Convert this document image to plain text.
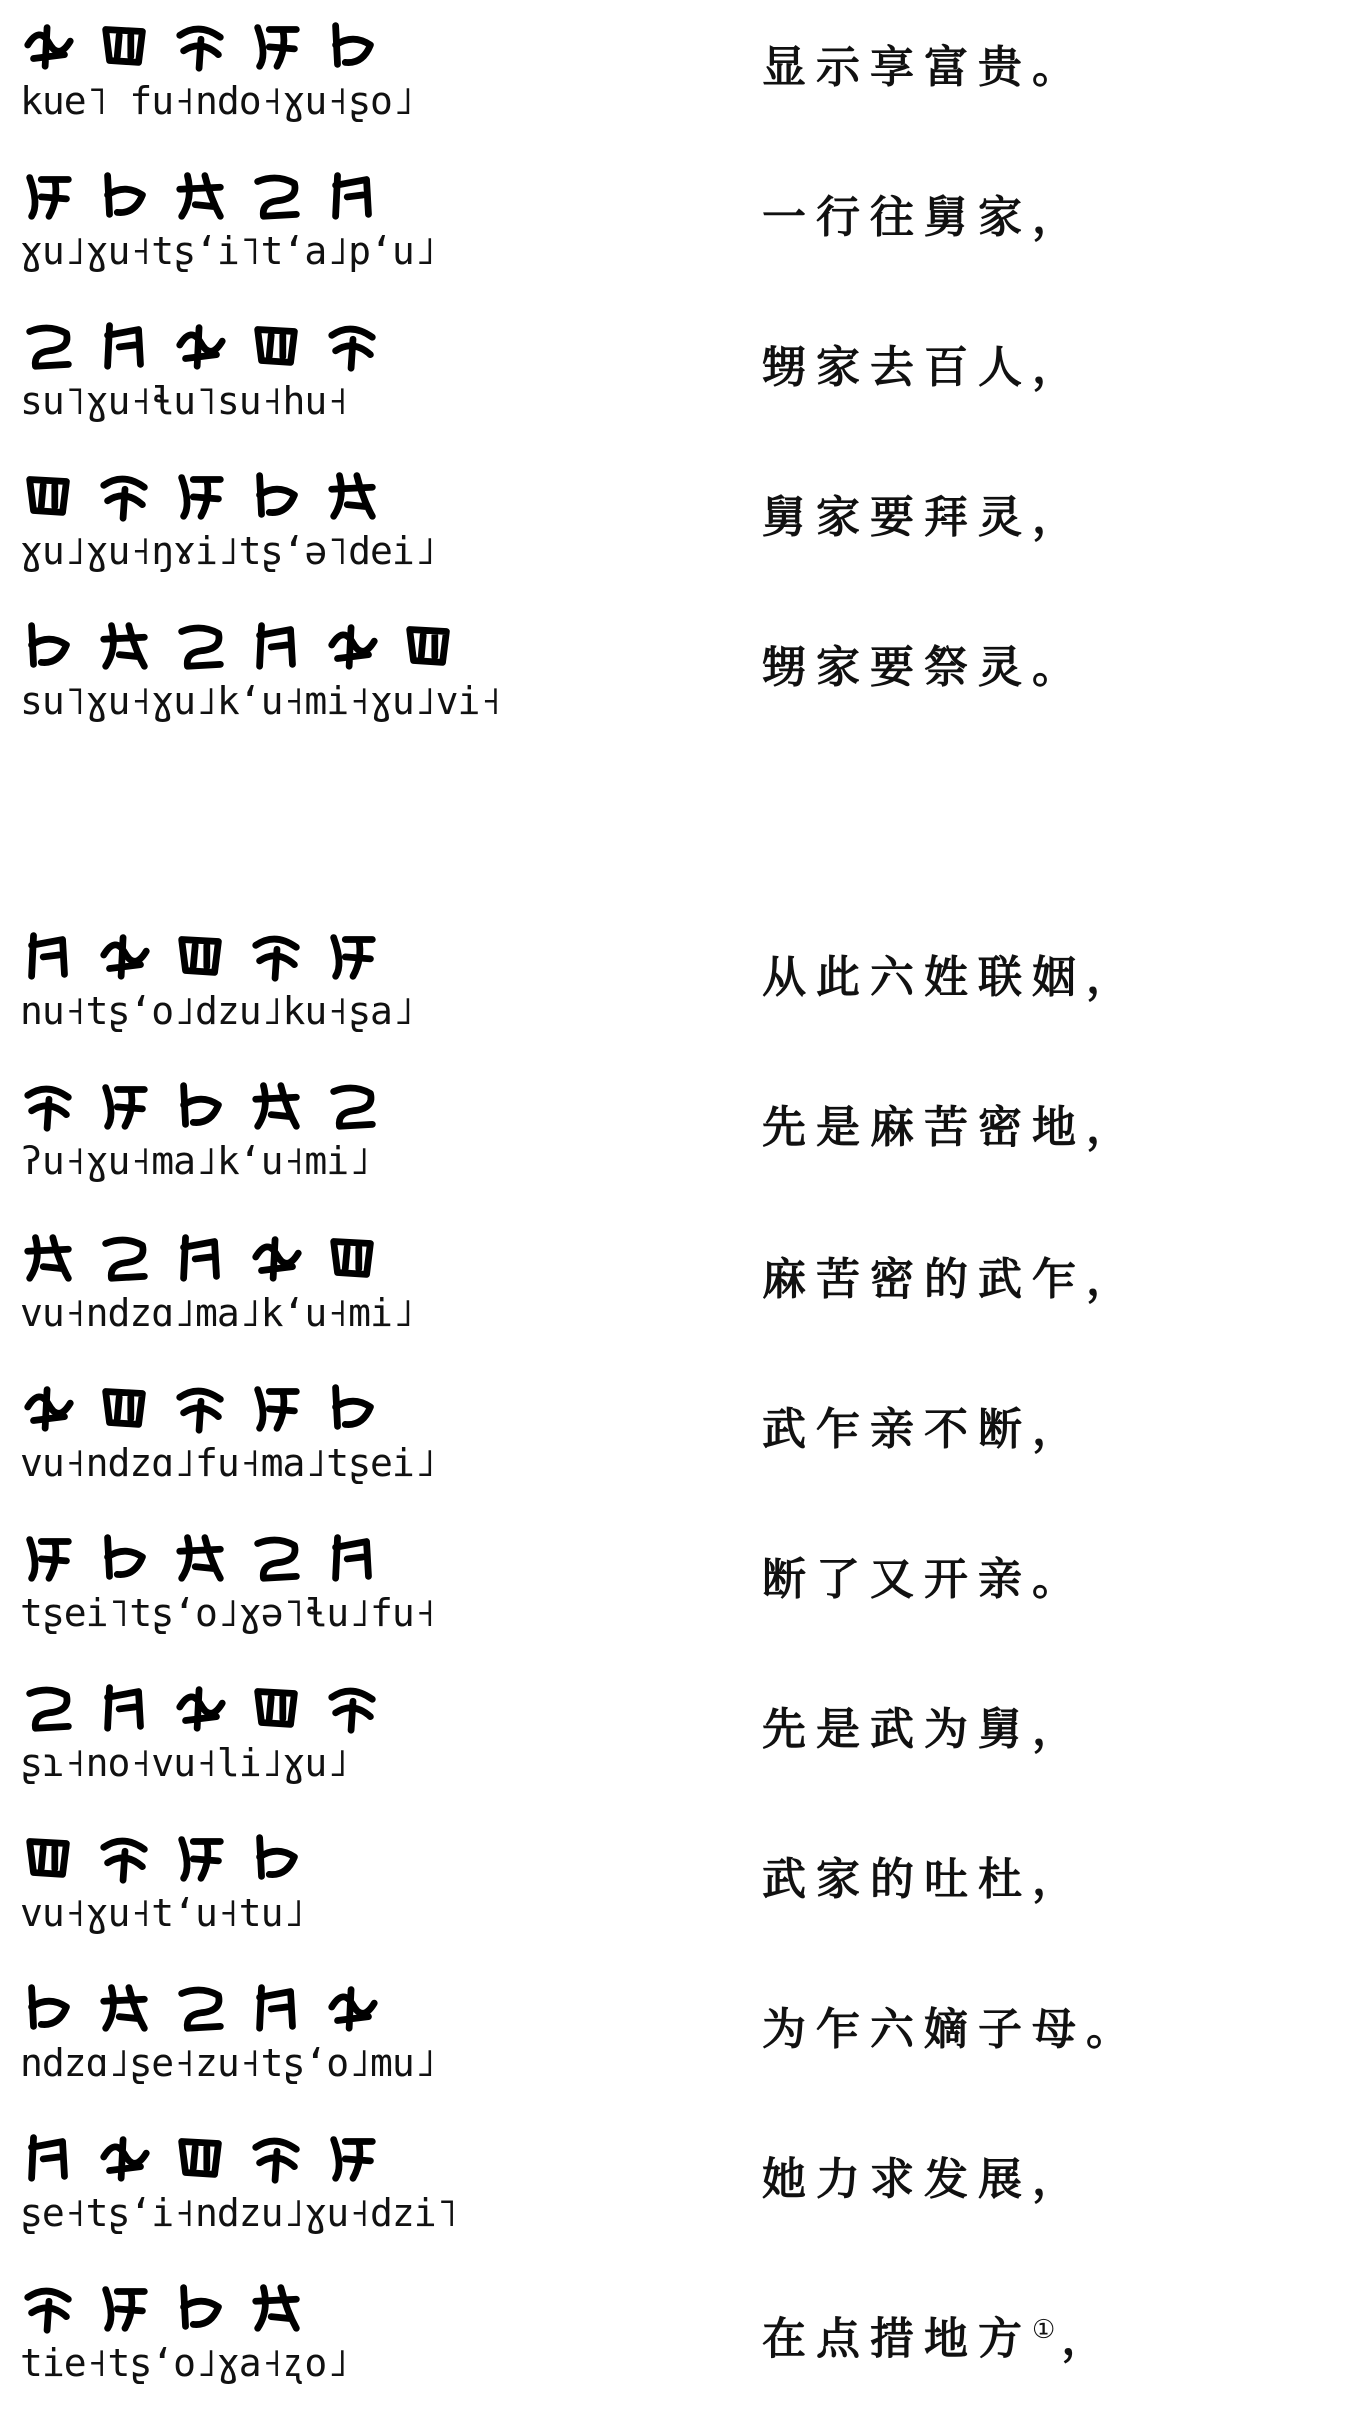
kue˥ fu˧ndo˧ɣu˧ʂo˩
显示享富贵。
ɣu˩ɣu˧tʂʻi˥tʻa˩pʻu˩
一行往舅家，
su˥ɣu˧ɬu˥su˧hu˧
甥家去百人，
ɣu˩ɣu˧ŋɤi˩tʂʻə˥dei˩
舅家要拜灵，
su˥ɣu˧ɣu˩kʻu˧mi˧ɣu˩vi˧
甥家要祭灵。
nu˧tʂʻo˩dzu˩ku˧ʂa˩
从此六姓联姻，
ʔu˧ɣu˧ma˩kʻu˧mi˩
先是麻苦密地，
vu˧ndzɑ˩ma˩kʻu˧mi˩
麻苦密的武乍，
vu˧ndzɑ˩fu˧ma˩tʂei˩
武乍亲不断，
tʂei˥tʂʻo˩ɣə˥ɬu˩fu˧
断了又开亲。
ʂɿ˧no˧vu˧li˩ɣu˩
先是武为舅，
vu˧ɣu˧tʻu˧tu˩
武家的吐杜，
ndzɑ˩ʂe˧zu˧tʂʻo˩mu˩
为乍六嫡子母。
ʂe˧tʂʻi˧ndzu˩ɣu˧dzi˥
她力求发展，
tie˧tʂʻo˩ɣa˧ʐo˩	在点措地方① ，
